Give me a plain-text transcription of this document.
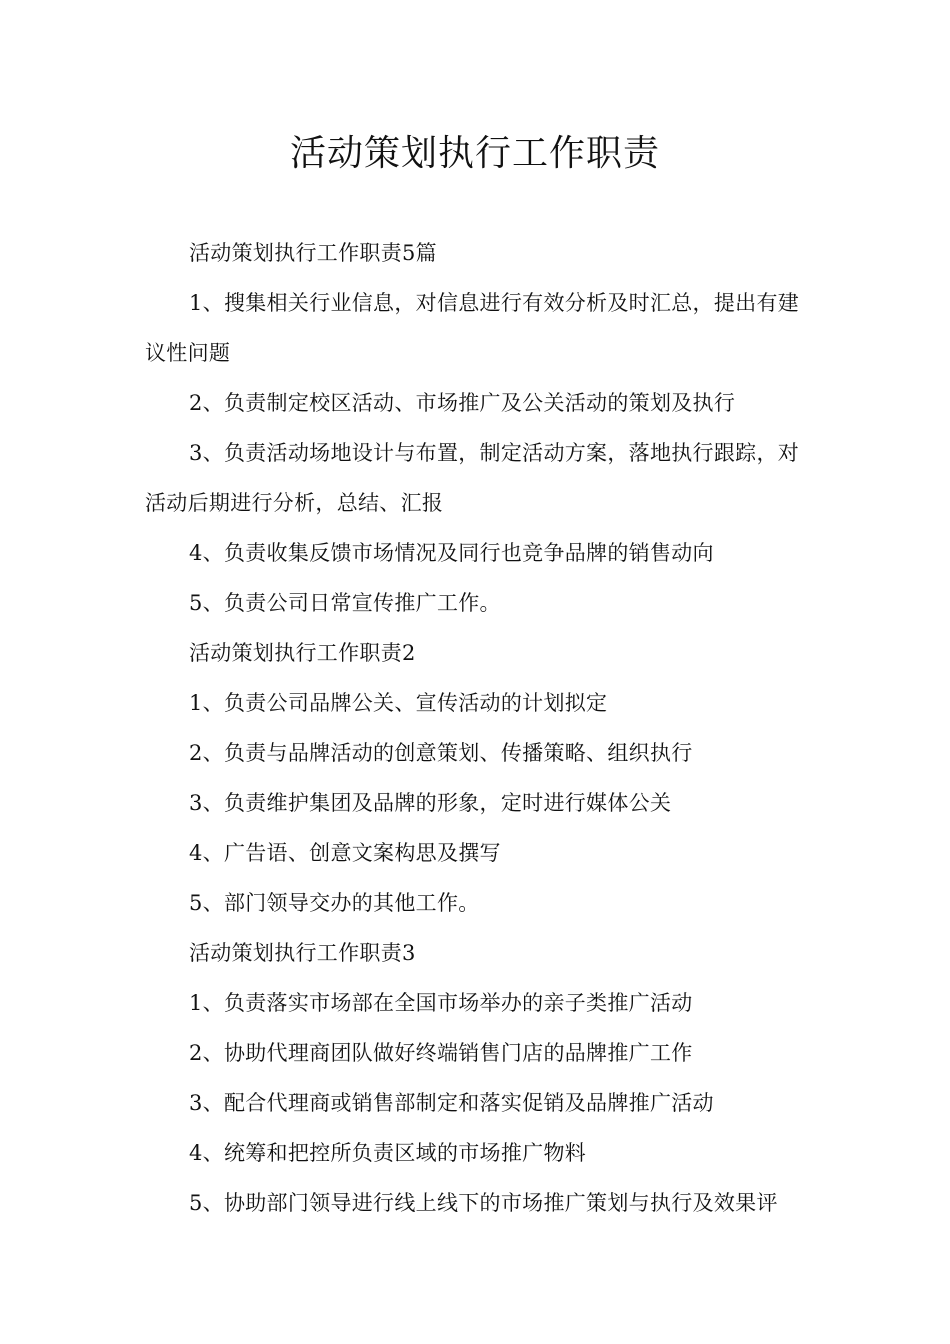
活动策划执行工作职责

活动策划执行工作职责5篇

1、搜集相关行业信息，对信息进行有效分析及时汇总，提出有建议性问题

2、负责制定校区活动、市场推广及公关活动的策划及执行

3、负责活动场地设计与布置，制定活动方案，落地执行跟踪，对活动后期进行分析，总结、汇报

4、负责收集反馈市场情况及同行也竞争品牌的销售动向

5、负责公司日常宣传推广工作。

活动策划执行工作职责2

1、负责公司品牌公关、宣传活动的计划拟定

2、负责与品牌活动的创意策划、传播策略、组织执行

3、负责维护集团及品牌的形象，定时进行媒体公关

4、广告语、创意文案构思及撰写

5、部门领导交办的其他工作。

活动策划执行工作职责3

1、负责落实市场部在全国市场举办的亲子类推广活动

2、协助代理商团队做好终端销售门店的品牌推广工作

3、配合代理商或销售部制定和落实促销及品牌推广活动

4、统筹和把控所负责区域的市场推广物料

5、协助部门领导进行线上线下的市场推广策划与执行及效果评
